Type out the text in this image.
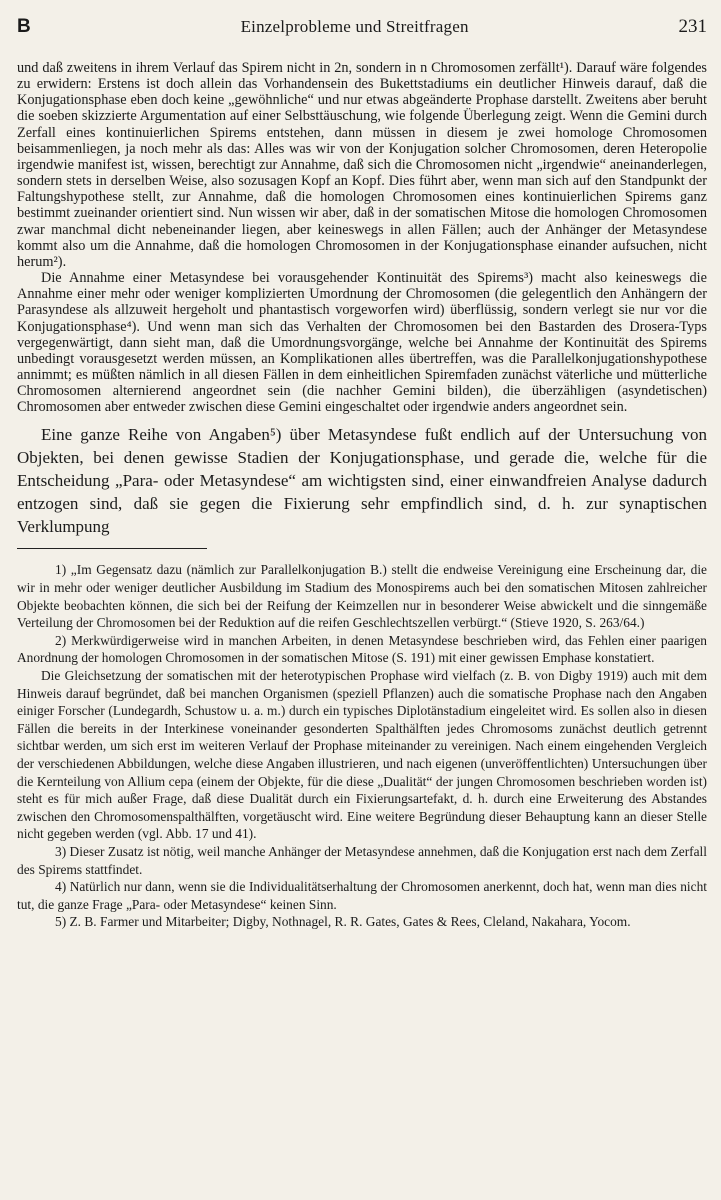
B	Einzelprobleme und Streitfragen	231

und daß zweitens in ihrem Verlauf das Spirem nicht in 2n, sondern in n Chromosomen zerfällt¹). Darauf wäre folgendes zu erwidern: Erstens ist doch allein das Vorhandensein des Bukettstadiums ein deutlicher Hinweis darauf, daß die Konjugationsphase eben doch keine „gewöhnliche“ und nur etwas abgeänderte Prophase darstellt. Zweitens aber beruht die soeben skizzierte Argumentation auf einer Selbsttäuschung, wie folgende Überlegung zeigt. Wenn die Gemini durch Zerfall eines kontinuierlichen Spirems entstehen, dann müssen in diesem je zwei homologe Chromosomen beisammenliegen, ja noch mehr als das: Alles was wir von der Konjugation solcher Chromosomen, deren Heteropolie irgendwie manifest ist, wissen, berechtigt zur Annahme, daß sich die Chromosomen nicht „irgendwie“ aneinanderlegen, sondern stets in derselben Weise, also sozusagen Kopf an Kopf. Dies führt aber, wenn man sich auf den Standpunkt der Faltungshypothese stellt, zur Annahme, daß die homologen Chromosomen eines kontinuierlichen Spirems ganz bestimmt zueinander orientiert sind. Nun wissen wir aber, daß in der somatischen Mitose die homologen Chromosomen zwar manchmal dicht nebeneinander liegen, aber keineswegs in allen Fällen; auch der Anhänger der Metasyndese kommt also um die Annahme, daß die homologen Chromosomen in der Konjugationsphase einander aufsuchen, nicht herum²).

Die Annahme einer Metasyndese bei vorausgehender Kontinuität des Spirems³) macht also keineswegs die Annahme einer mehr oder weniger komplizierten Umordnung der Chromosomen (die gelegentlich den Anhängern der Parasyndese als allzuweit hergeholt und phantastisch vorgeworfen wird) überflüssig, sondern verlegt sie nur vor die Konjugationsphase⁴). Und wenn man sich das Verhalten der Chromosomen bei den Bastarden des Drosera-Typs vergegenwärtigt, dann sieht man, daß die Umordnungsvorgänge, welche bei Annahme der Kontinuität des Spirems unbedingt vorausgesetzt werden müssen, an Komplikationen alles übertreffen, was die Parallelkonjugationshypothese annimmt; es müßten nämlich in all diesen Fällen in dem einheitlichen Spiremfaden zunächst väterliche und mütterliche Chromosomen alternierend angeordnet sein (die nachher Gemini bilden), die überzähligen (asyndetischen) Chromosomen aber entweder zwischen diese Gemini eingeschaltet oder irgendwie anders angeordnet sein.

Eine ganze Reihe von Angaben⁵) über Metasyndese fußt endlich auf der Untersuchung von Objekten, bei denen gewisse Stadien der Konjugationsphase, und gerade die, welche für die Entscheidung „Para- oder Metasyndese“ am wichtigsten sind, einer einwandfreien Analyse dadurch entzogen sind, daß sie gegen die Fixierung sehr empfindlich sind, d. h. zur synaptischen Verklumpung

1) „Im Gegensatz dazu (nämlich zur Parallelkonjugation B.) stellt die endweise Vereinigung eine Erscheinung dar, die wir in mehr oder weniger deutlicher Ausbildung im Stadium des Monospirems auch bei den somatischen Mitosen zahlreicher Objekte beobachten können, die sich bei der Reifung der Keimzellen nur in besonderer Weise abwickelt und die sinngemäße Verteilung der Chromosomen bei der Reduktion auf die reifen Geschlechtszellen verbürgt.“ (Stieve 1920, S. 263/64.)

2) Merkwürdigerweise wird in manchen Arbeiten, in denen Metasyndese beschrieben wird, das Fehlen einer paarigen Anordnung der homologen Chromosomen in der somatischen Mitose (S. 191) mit einer gewissen Emphase konstatiert.

Die Gleichsetzung der somatischen mit der heterotypischen Prophase wird vielfach (z. B. von Digby 1919) auch mit dem Hinweis darauf begründet, daß bei manchen Organismen (speziell Pflanzen) auch die somatische Prophase nach den Angaben einiger Forscher (Lundegardh, Schustow u. a. m.) durch ein typisches Diplotänstadium eingeleitet wird. Es sollen also in diesen Fällen die bereits in der Interkinese voneinander gesonderten Spalthälften jedes Chromosoms zunächst deutlich getrennt sichtbar werden, um sich erst im weiteren Verlauf der Prophase miteinander zu vereinigen. Nach einem eingehenden Vergleich der verschiedenen Abbildungen, welche diese Angaben illustrieren, und nach eigenen (unveröffentlichten) Untersuchungen über die Kernteilung von Allium cepa (einem der Objekte, für die diese „Dualität“ der jungen Chromosomen beschrieben worden ist) steht es für mich außer Frage, daß diese Dualität durch ein Fixierungsartefakt, d. h. durch eine Erweiterung des Abstandes zwischen den Chromosomenspalthälften, vorgetäuscht wird. Eine weitere Begründung dieser Behauptung kann an dieser Stelle nicht gegeben werden (vgl. Abb. 17 und 41).

3) Dieser Zusatz ist nötig, weil manche Anhänger der Metasyndese annehmen, daß die Konjugation erst nach dem Zerfall des Spirems stattfindet.

4) Natürlich nur dann, wenn sie die Individualitätserhaltung der Chromosomen anerkennt, doch hat, wenn man dies nicht tut, die ganze Frage „Para- oder Metasyndese“ keinen Sinn.

5) Z. B. Farmer und Mitarbeiter; Digby, Nothnagel, R. R. Gates, Gates & Rees, Cleland, Nakahara, Yocom.
